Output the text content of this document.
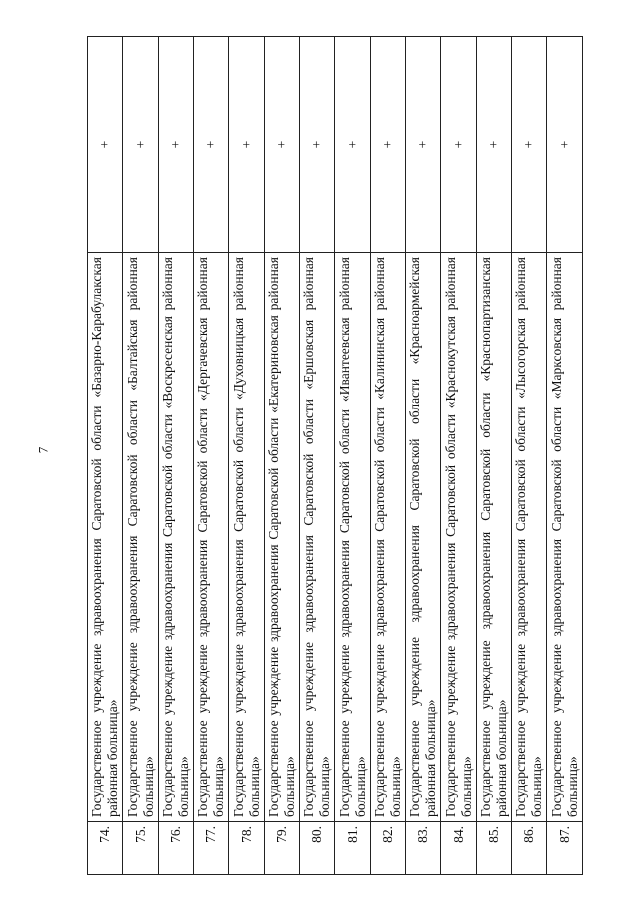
7
74.	Государственное учреждение здравоохранения Саратовской области «Базарно-Карабулакская районная больница»	+
75.	Государственное учреждение здравоохранения Саратовской области «Балтайская районная больница»	+
76.	Государственное учреждение здравоохранения Саратовской области «Воскресенская районная больница»	+
77.	Государственное учреждение здравоохранения Саратовской области «Дергачевская районная больница»	+
78.	Государственное учреждение здравоохранения Саратовской области «Духовницкая районная больница»	+
79.	Государственное учреждение здравоохранения Саратовской области «Екатериновская районная больница»	+
80.	Государственное учреждение здравоохранения Саратовской области «Ершовская районная больница»	+
81.	Государственное учреждение здравоохранения Саратовской области «Ивантеевская районная больница»	+
82.	Государственное учреждение здравоохранения Саратовской области «Калининская районная больница»	+
83.	Государственное учреждение здравоохранения Саратовской области «Красноармейская районная больница»	+
84.	Государственное учреждение здравоохранения Саратовской области «Краснокутская районная больница»	+
85.	Государственное учреждение здравоохранения Саратовской области «Краснопартизанская районная больница»	+
86.	Государственное учреждение здравоохранения Саратовской области «Лысогорская районная больница»	+
87.	Государственное учреждение здравоохранения Саратовской области «Марксовская районная больница»	+
